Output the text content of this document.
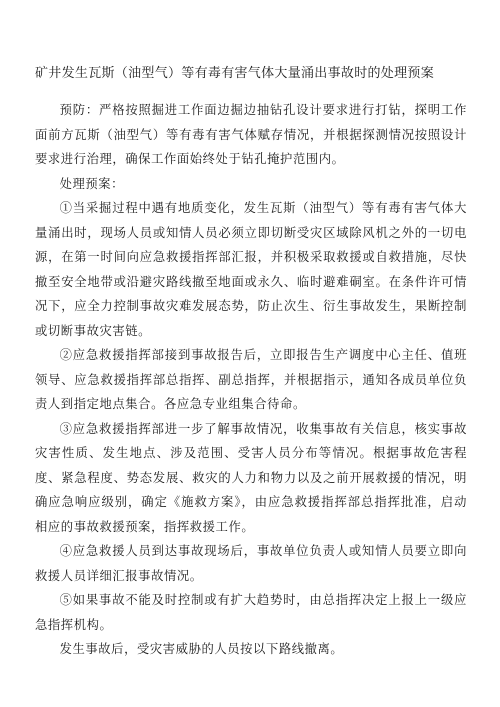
矿井发生瓦斯（油型气）等有毒有害气体大量涌出事故时的处理预案

预防：严格按照掘进工作面边掘边抽钻孔设计要求进行打钻，探明工作面前方瓦斯（油型气）等有毒有害气体赋存情况，并根据探测情况按照设计要求进行治理，确保工作面始终处于钻孔掩护范围内。

处理预案：

①当采掘过程中遇有地质变化，发生瓦斯（油型气）等有毒有害气体大量涌出时，现场人员或知情人员必须立即切断受灾区域除风机之外的一切电源，在第一时间向应急救援指挥部汇报，并积极采取救援或自救措施，尽快撤至安全地带或沿避灾路线撤至地面或永久、临时避难硐室。在条件许可情况下，应全力控制事故灾难发展态势，防止次生、衍生事故发生，果断控制或切断事故灾害链。

②应急救援指挥部接到事故报告后，立即报告生产调度中心主任、值班领导、应急救援指挥部总指挥、副总指挥，并根据指示，通知各成员单位负责人到指定地点集合。各应急专业组集合待命。

③应急救援指挥部进一步了解事故情况，收集事故有关信息，核实事故灾害性质、发生地点、涉及范围、受害人员分布等情况。根据事故危害程度、紧急程度、势态发展、救灾的人力和物力以及之前开展救援的情况，明确应急响应级别，确定《施救方案》，由应急救援指挥部总指挥批准，启动相应的事故救援预案，指挥救援工作。

④应急救援人员到达事故现场后，事故单位负责人或知情人员要立即向救援人员详细汇报事故情况。

⑤如果事故不能及时控制或有扩大趋势时，由总指挥决定上报上一级应急指挥机构。

发生事故后，受灾害威胁的人员按以下路线撤离。
